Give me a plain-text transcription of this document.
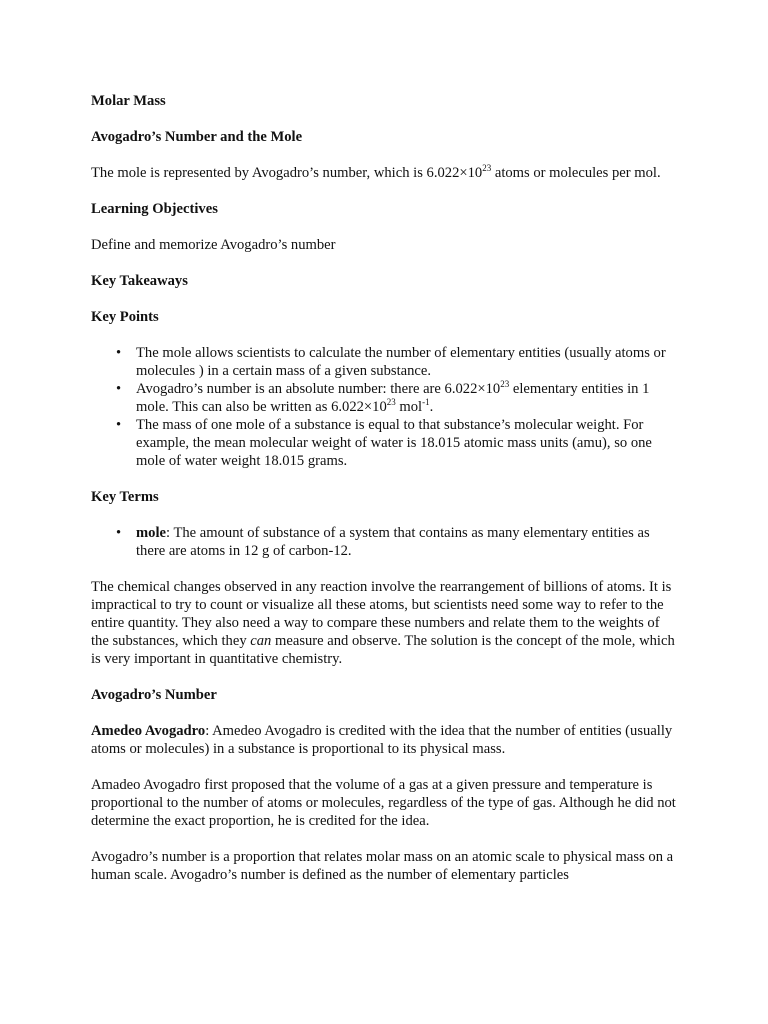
Molar Mass

Avogadro’s Number and the Mole

The mole is represented by Avogadro’s number, which is $6.022\times 10^{23}$ atoms or molecules per mol.

Learning Objectives

Define and memorize Avogadro’s number

Key Takeaways

Key Points

• The mole allows scientists to calculate the number of elementary entities (usually atoms or molecules ) in a certain mass of a given substance.
• Avogadro’s number is an absolute number: there are $6.022\times 10^{23}$ elementary entities in 1 mole. This can also be written as $6.022\times 10^{23}$ mol$^{-1}$.
• The mass of one mole of a substance is equal to that substance’s molecular weight. For example, the mean molecular weight of water is 18.015 atomic mass units (amu), so one mole of water weight 18.015 grams.

Key Terms

• mole: The amount of substance of a system that contains as many elementary entities as there are atoms in 12 g of carbon-12.

The chemical changes observed in any reaction involve the rearrangement of billions of atoms. It is impractical to try to count or visualize all these atoms, but scientists need some way to refer to the entire quantity. They also need a way to compare these numbers and relate them to the weights of the substances, which they can measure and observe. The solution is the concept of the mole, which is very important in quantitative chemistry.

Avogadro’s Number

Amedeo Avogadro: Amedeo Avogadro is credited with the idea that the number of entities (usually atoms or molecules) in a substance is proportional to its physical mass.

Amadeo Avogadro first proposed that the volume of a gas at a given pressure and temperature is proportional to the number of atoms or molecules, regardless of the type of gas. Although he did not determine the exact proportion, he is credited for the idea.

Avogadro’s number is a proportion that relates molar mass on an atomic scale to physical mass on a human scale. Avogadro’s number is defined as the number of elementary particles
